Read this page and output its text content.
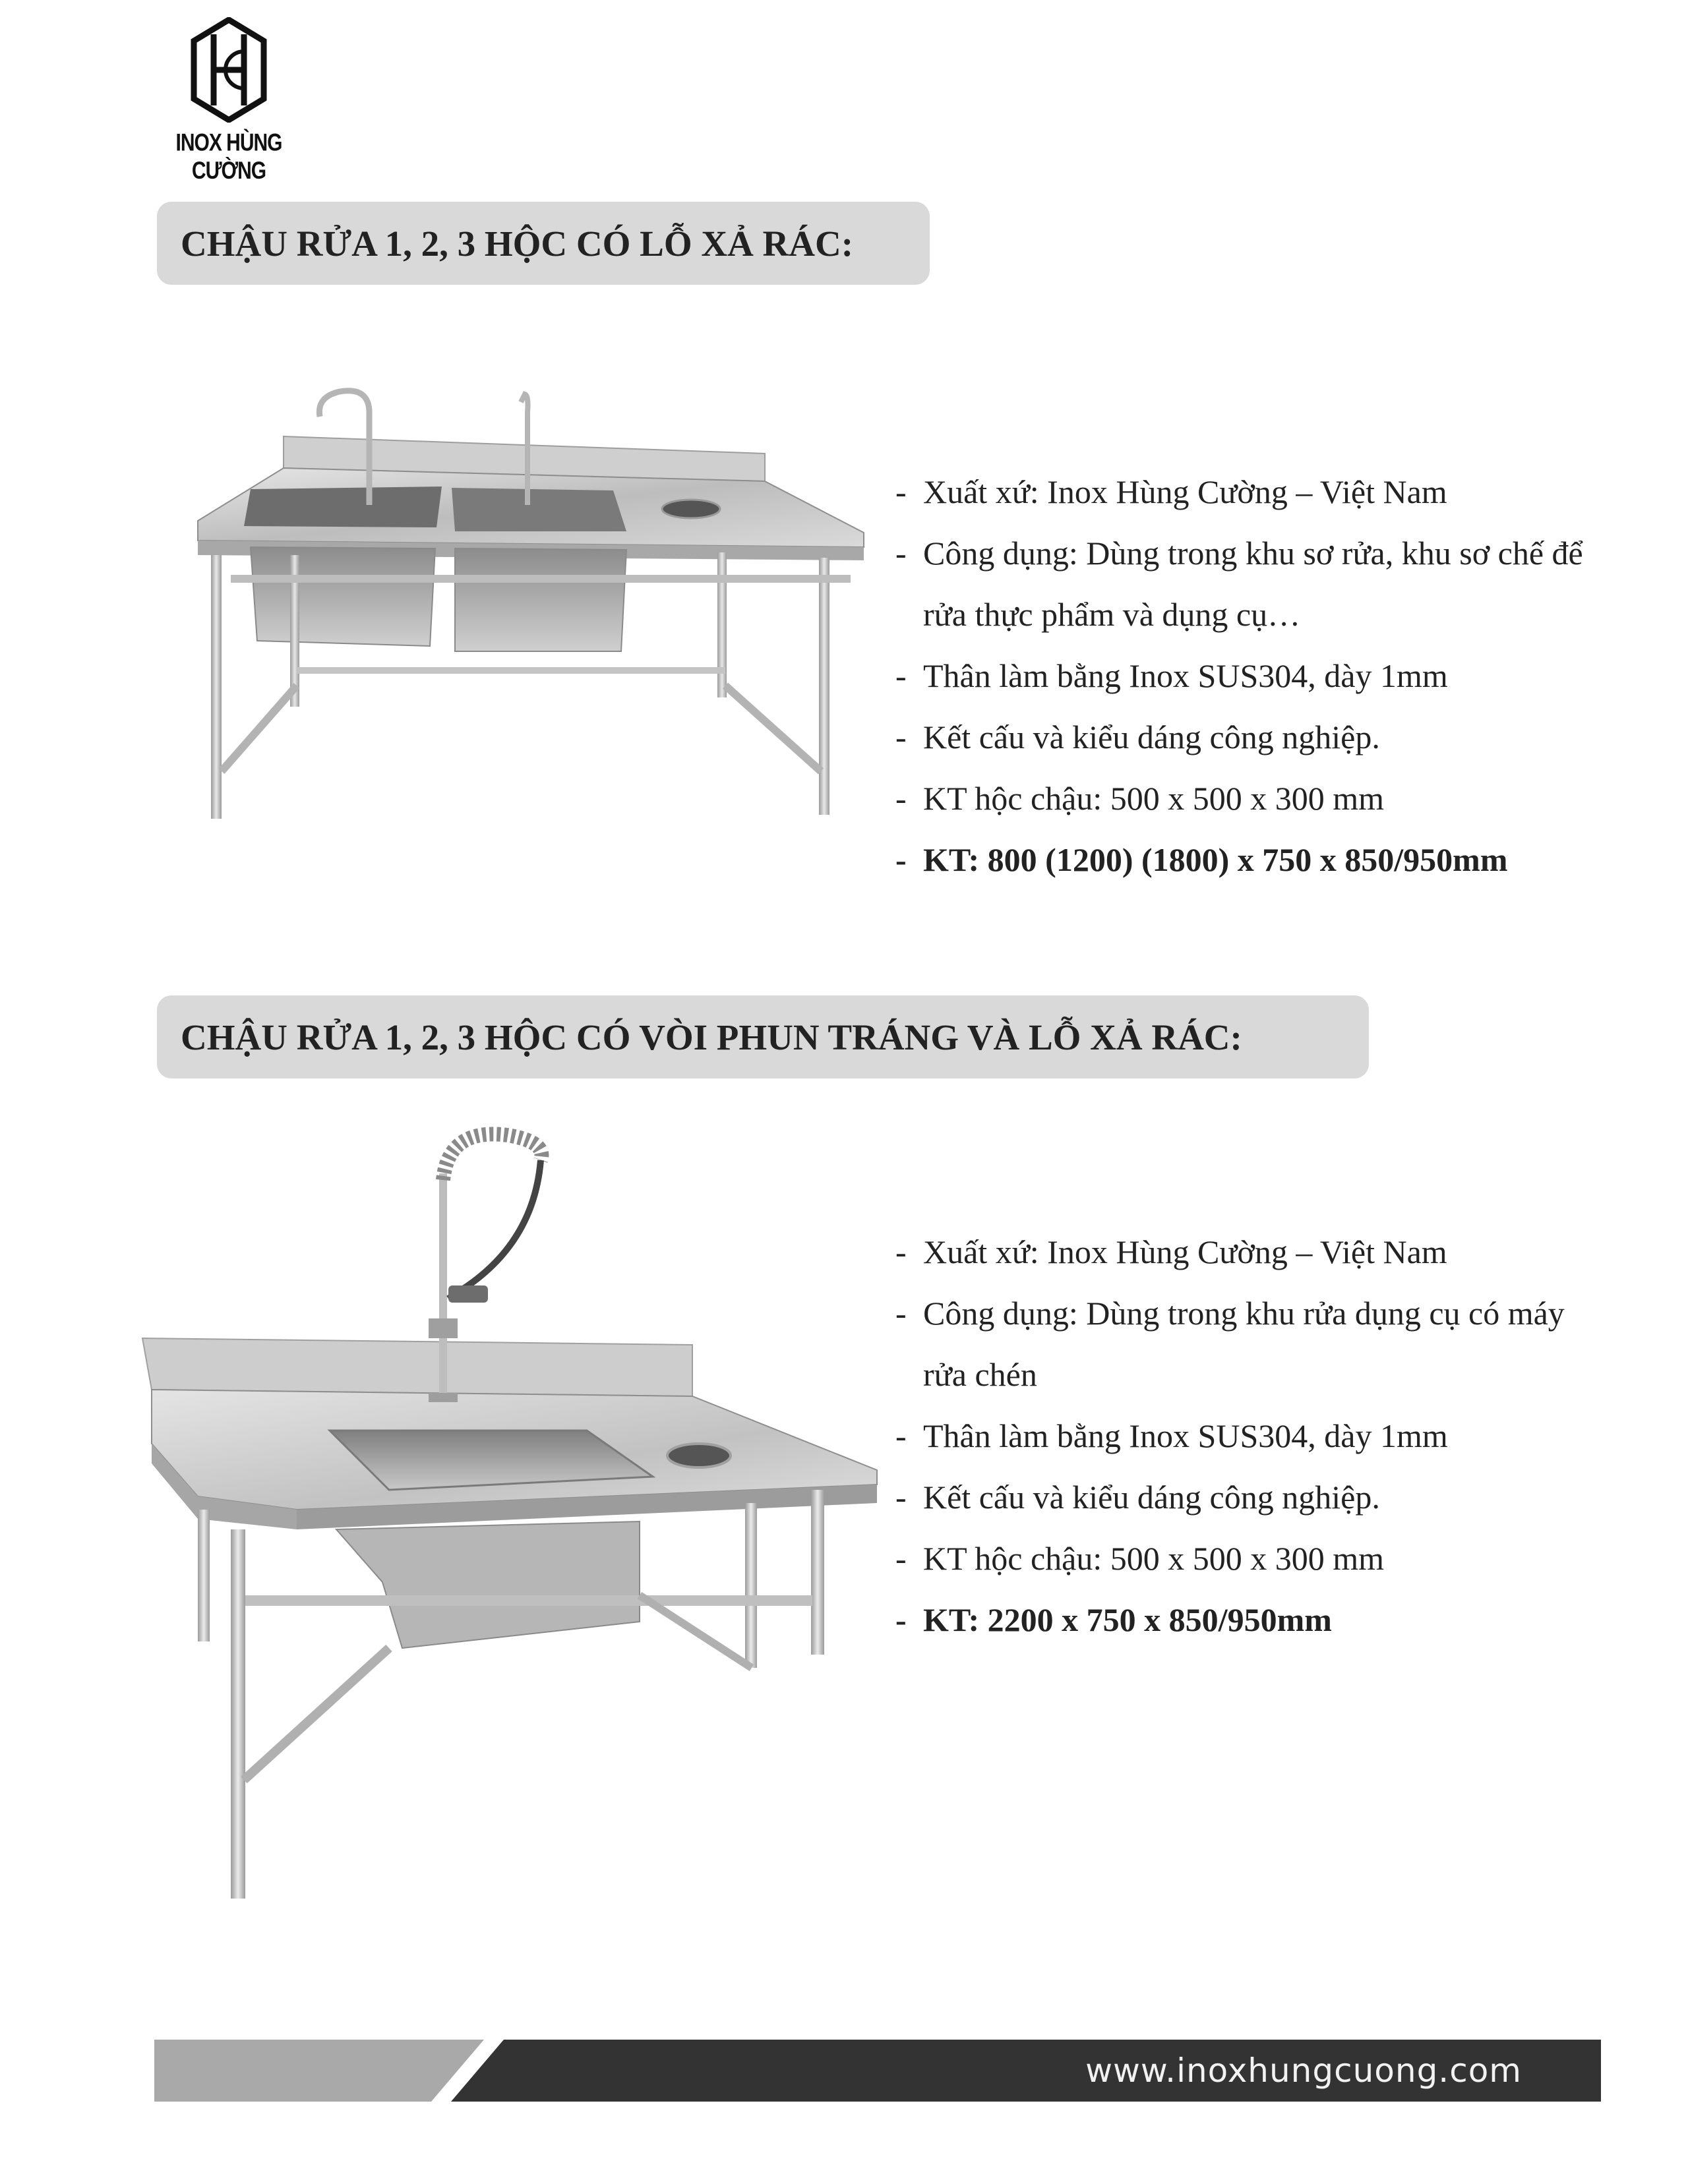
INOX HÙNG CƯỜNG
CHẬU RỬA 1, 2, 3 HỘC CÓ LỖ XẢ RÁC:
- Xuất xứ: Inox Hùng Cường – Việt Nam
- Công dụng: Dùng trong khu sơ rửa, khu sơ chế để
rửa thực phẩm và dụng cụ…
- Thân làm bằng Inox SUS304, dày 1mm
- Kết cấu và kiểu dáng công nghiệp.
- KT hộc chậu: 500 x 500 x 300 mm
- KT: 800 (1200) (1800) x 750 x 850/950mm
CHẬU RỬA 1, 2, 3 HỘC CÓ VÒI PHUN TRÁNG VÀ LỖ XẢ RÁC:
- Xuất xứ: Inox Hùng Cường – Việt Nam
- Công dụng: Dùng trong khu rửa dụng cụ có máy
rửa chén
- Thân làm bằng Inox SUS304, dày 1mm
- Kết cấu và kiểu dáng công nghiệp.
- KT hộc chậu: 500 x 500 x 300 mm
- KT: 2200 x 750 x 850/950mm
www.inoxhungcuong.com
